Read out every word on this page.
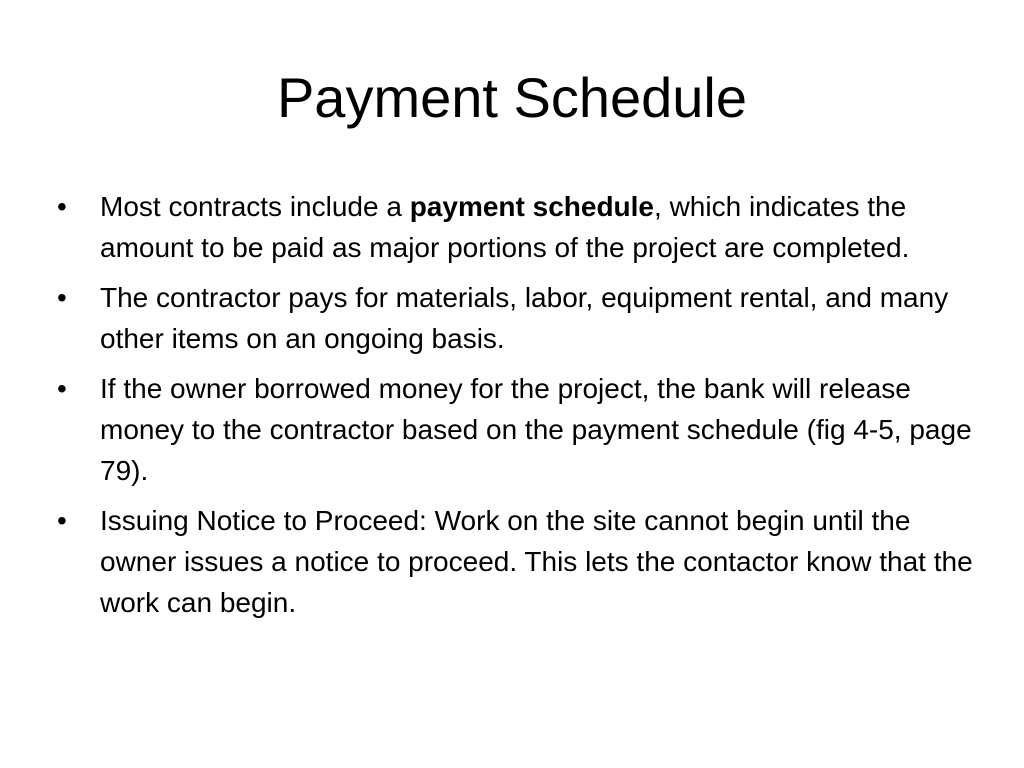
Payment Schedule
•	Most contracts include a payment schedule, which indicates the amount to be paid as major portions of the project are completed.
•	The contractor pays for materials, labor, equipment rental, and many other items on an ongoing basis.
•	If the owner borrowed money for the project, the bank will release money to the contractor based on the payment schedule (fig 4-5, page 79).
•	Issuing Notice to Proceed: Work on the site cannot begin until the owner issues a notice to proceed. This lets the contactor know that the work can begin.
